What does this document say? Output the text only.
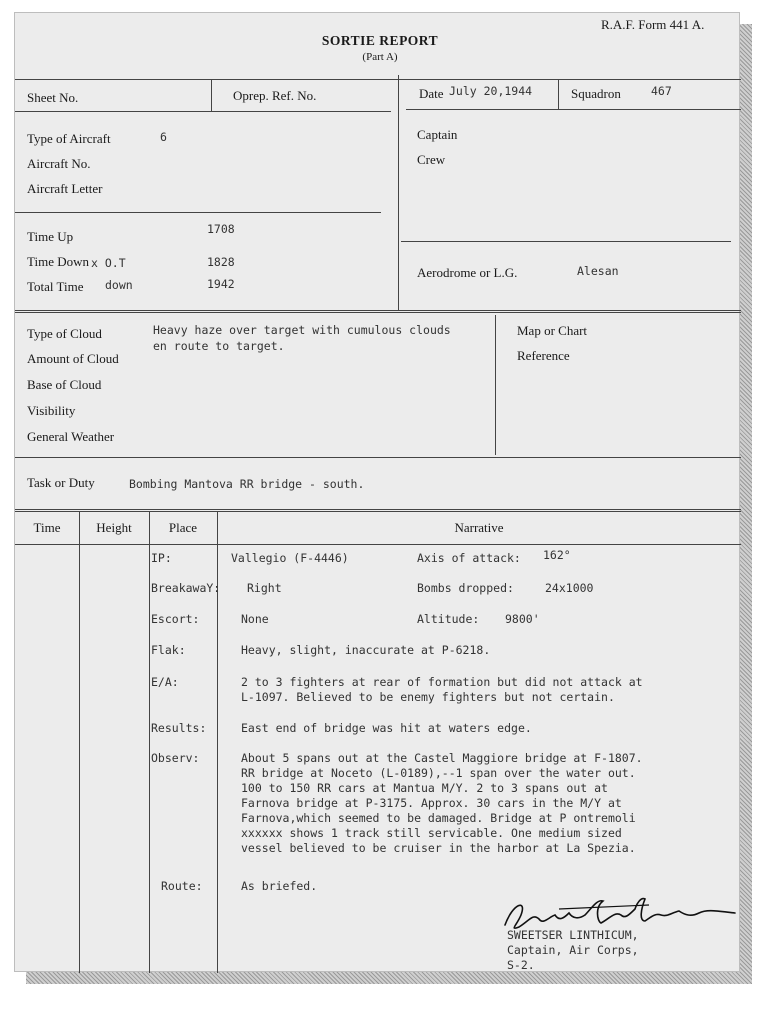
R.A.F. Form 441 A.
SORTIE REPORT
(Part A)
Sheet No.	Oprep. Ref. No.	Date July 20,1944	Squadron	467
Type of Aircraft	6
Aircraft No.
Aircraft Letter
Captain
Crew
Time Up	1708
Time Down x O.T	1828
Total Time down	1942
Aerodrome or L.G.	Alesan
Type of Cloud
Amount of Cloud
Base of Cloud
Visibility
General Weather
Heavy haze over target with cumulous clouds
en route to target.
Map or Chart
Reference
Task or Duty	Bombing Mantova RR bridge - south.
Time	Height	Place	Narrative
IP:	Vallegio (F-4446)	Axis of attack: 162°
BreakawaY: Right	Bombs dropped:	24x1000
Escort:	None	Altitude: 9800'
Flak:	Heavy, slight, inaccurate at P-6218.
E/A:	2 to 3 fighters at rear of formation but did not attack at
L-1097. Believed to be enemy fighters but not certain.
Results:	East end of bridge was hit at waters edge.
Observ:	About 5 spans out at the Castel Maggiore bridge at F-1807.
RR bridge at Noceto (L-0189),--1 span over the water out.
100 to 150 RR cars at Mantua M/Y. 2 to 3 spans out at
Farnova bridge at P-3175. Approx. 30 cars in the M/Y at
Farnova,which seemed to be damaged. Bridge at P ontremoli
xxxxxx shows 1 track still servicable. One medium sized
vessel believed to be cruiser in the harbor at La Spezia.
Route:	As briefed.
SWEETSER LINTHICUM,
Captain, Air Corps,
S-2.
